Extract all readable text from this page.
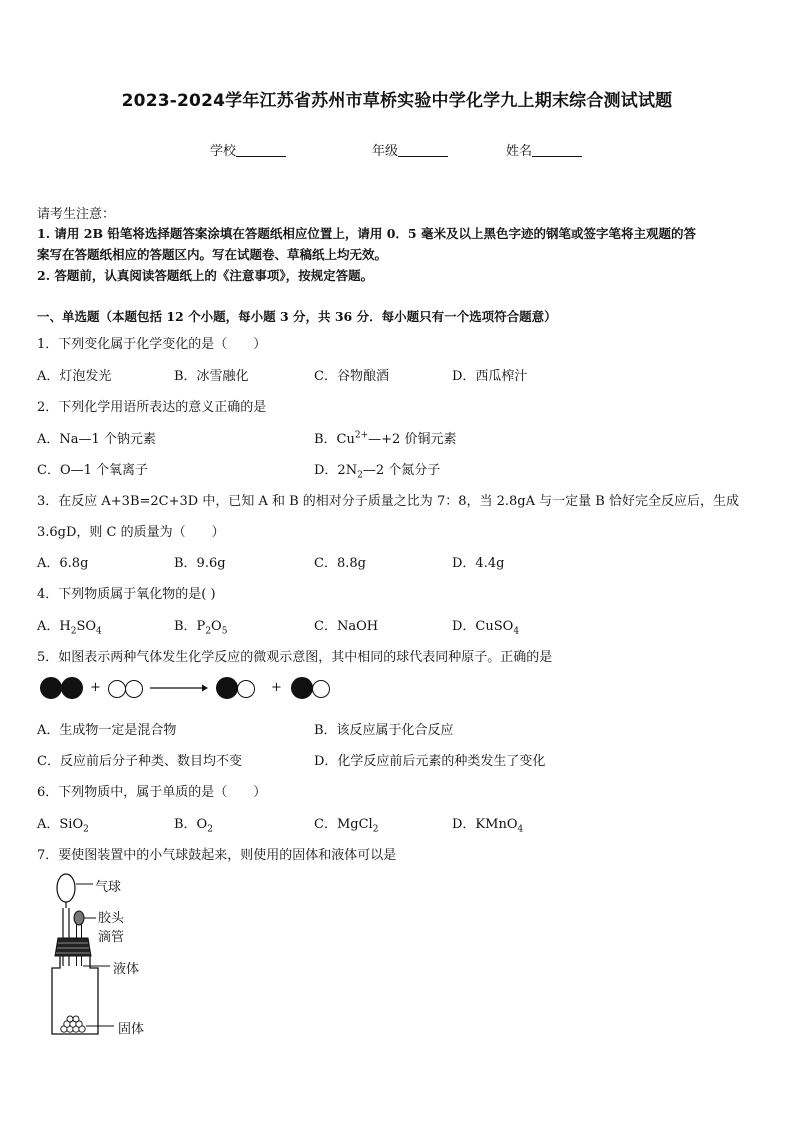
2023-2024学年江苏省苏州市草桥实验中学化学九上期末综合测试试题
学校	年级	姓名
请考生注意：
1. 请用 2B 铅笔将选择题答案涂填在答题纸相应位置上，请用 0．5 毫米及以上黑色字迹的钢笔或签字笔将主观题的答
案写在答题纸相应的答题区内。写在试题卷、草稿纸上均无效。
2. 答题前，认真阅读答题纸上的《注意事项》，按规定答题。
一、单选题（本题包括 12 个小题，每小题 3 分，共 36 分．每小题只有一个选项符合题意）
1．下列变化属于化学变化的是（　　）
A．灯泡发光	B．冰雪融化	C．谷物酿酒	D．西瓜榨汁
2．下列化学用语所表达的意义正确的是
A．Na—1 个钠元素	B．$Cu^{2+}—+2$ 价铜元素
C．O—1 个氧离子	D．$2N_2—2$ 个氮分子
3．在反应 A+3B=2C+3D 中，已知 A 和 B 的相对分子质量之比为 7：8，当 2.8gA 与一定量 B 恰好完全反应后，生成
3.6gD，则 C 的质量为（　　）
A．6.8g	B．9.6g	C．8.8g	D．4.4g
4．下列物质属于氧化物的是( )
A．$H_2SO_4$	B．$P_2O_5$	C．NaOH	D．CuSO$_4$
5．如图表示两种气体发生化学反应的微观示意图，其中相同的球代表同种原子。正确的是
+	+
A．生成物一定是混合物	B．该反应属于化合反应
C．反应前后分子种类、数目均不变	D．化学反应前后元素的种类发生了变化
6．下列物质中，属于单质的是（　　）
A．SiO$_2$	B．$O_2$	C．MgCl$_2$	D．KMnO$_4$
7．要使图装置中的小气球鼓起来，则使用的固体和液体可以是
气球
胶头
滴管
液体
固体
